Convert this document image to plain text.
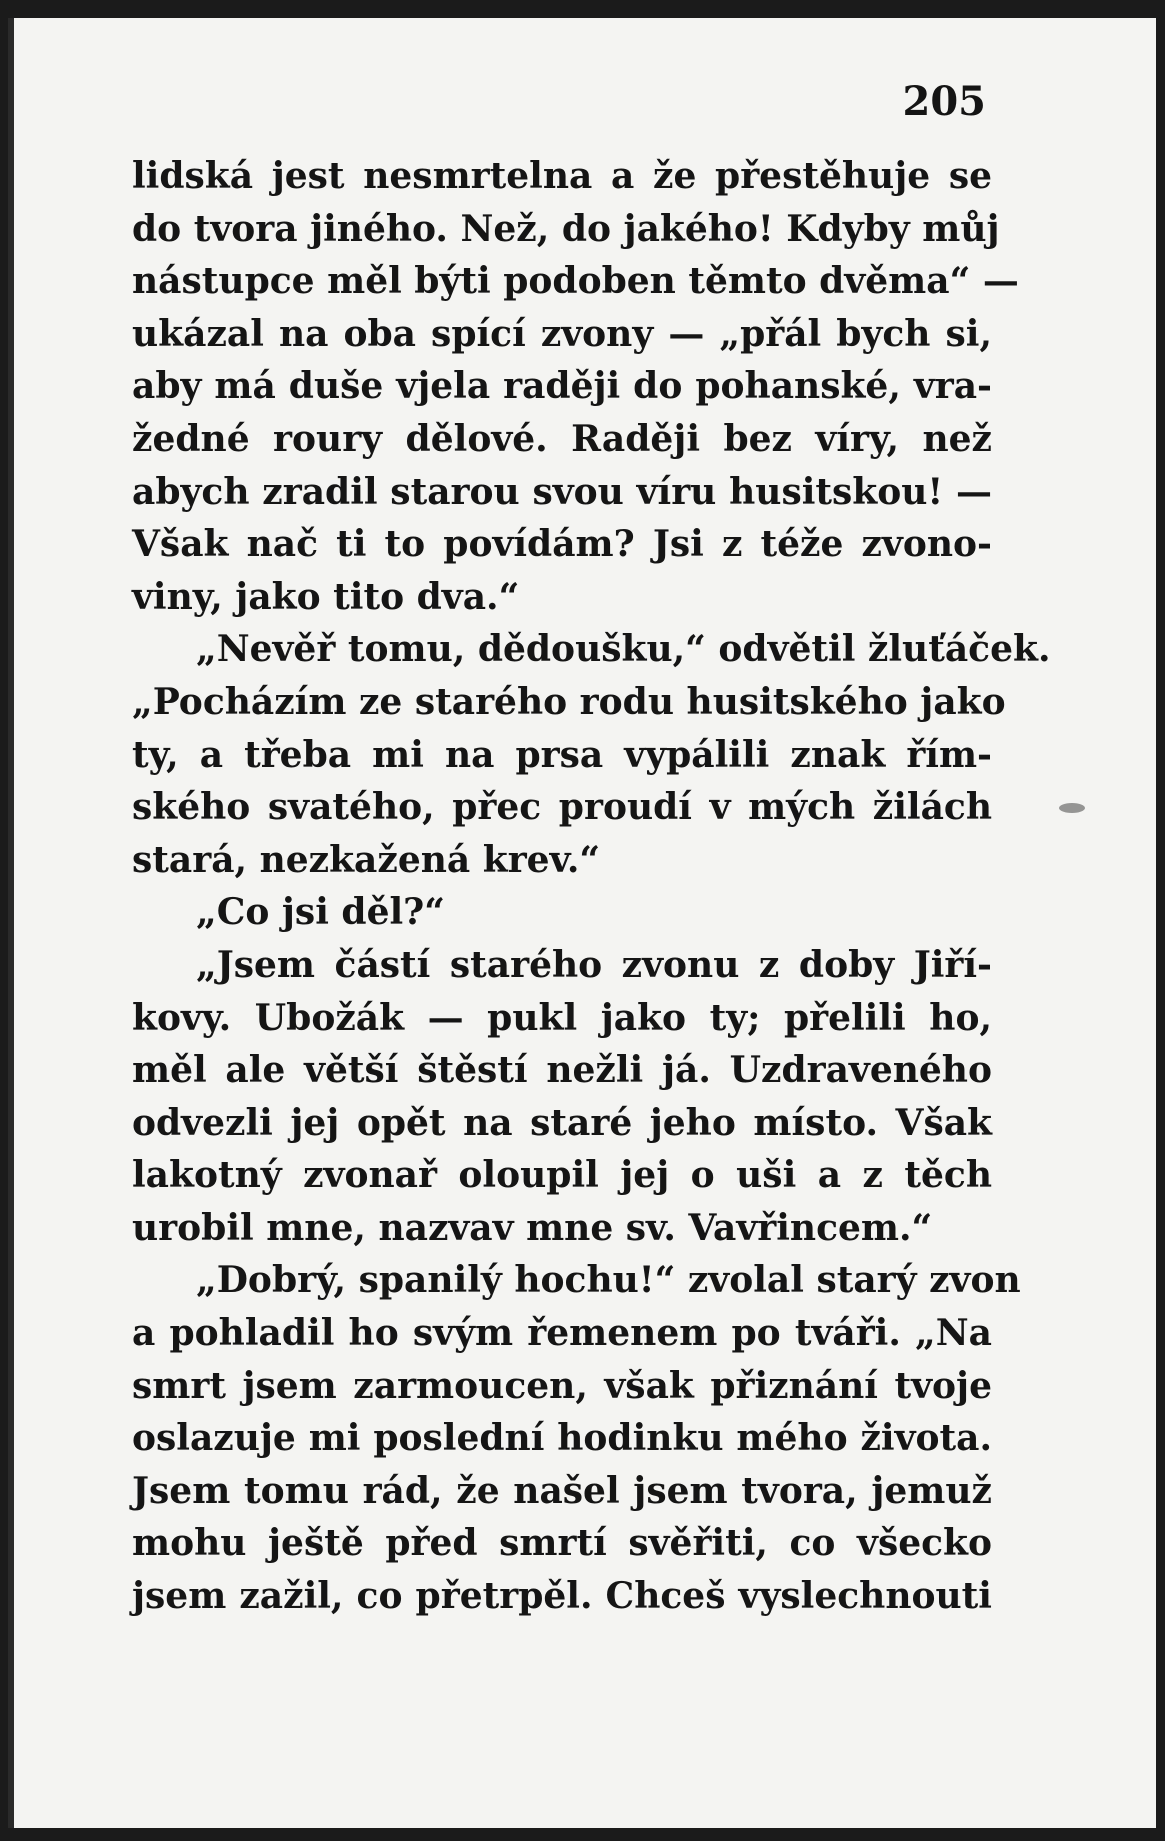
205
lidská jest nesmrtelna a že přestěhuje se
do tvora jiného. Než, do jakého! Kdyby můj
nástupce měl býti podoben těmto dvěma“ —
ukázal na oba spící zvony — „přál bych si,
aby má duše vjela raději do pohanské, vra-
žedné roury dělové. Raději bez víry, než
abych zradil starou svou víru husitskou! —
Však nač ti to povídám? Jsi z téže zvono-
viny, jako tito dva.“
„Nevěř tomu, dědoušku,“ odvětil žluťáček.
„Pocházím ze starého rodu husitského jako
ty, a třeba mi na prsa vypálili znak řím-
ského svatého, přec proudí v mých žilách
stará, nezkažená krev.“
„Co jsi děl?“
„Jsem částí starého zvonu z doby Jiří-
kovy. Ubožák — pukl jako ty; přelili ho,
měl ale větší štěstí nežli já. Uzdraveného
odvezli jej opět na staré jeho místo. Však
lakotný zvonař oloupil jej o uši a z těch
urobil mne, nazvav mne sv. Vavřincem.“
„Dobrý, spanilý hochu!“ zvolal starý zvon
a pohladil ho svým řemenem po tváři. „Na
smrt jsem zarmoucen, však přiznání tvoje
oslazuje mi poslední hodinku mého života.
Jsem tomu rád, že našel jsem tvora, jemuž
mohu ještě před smrtí svěřiti, co všecko
jsem zažil, co přetrpěl. Chceš vyslechnouti
